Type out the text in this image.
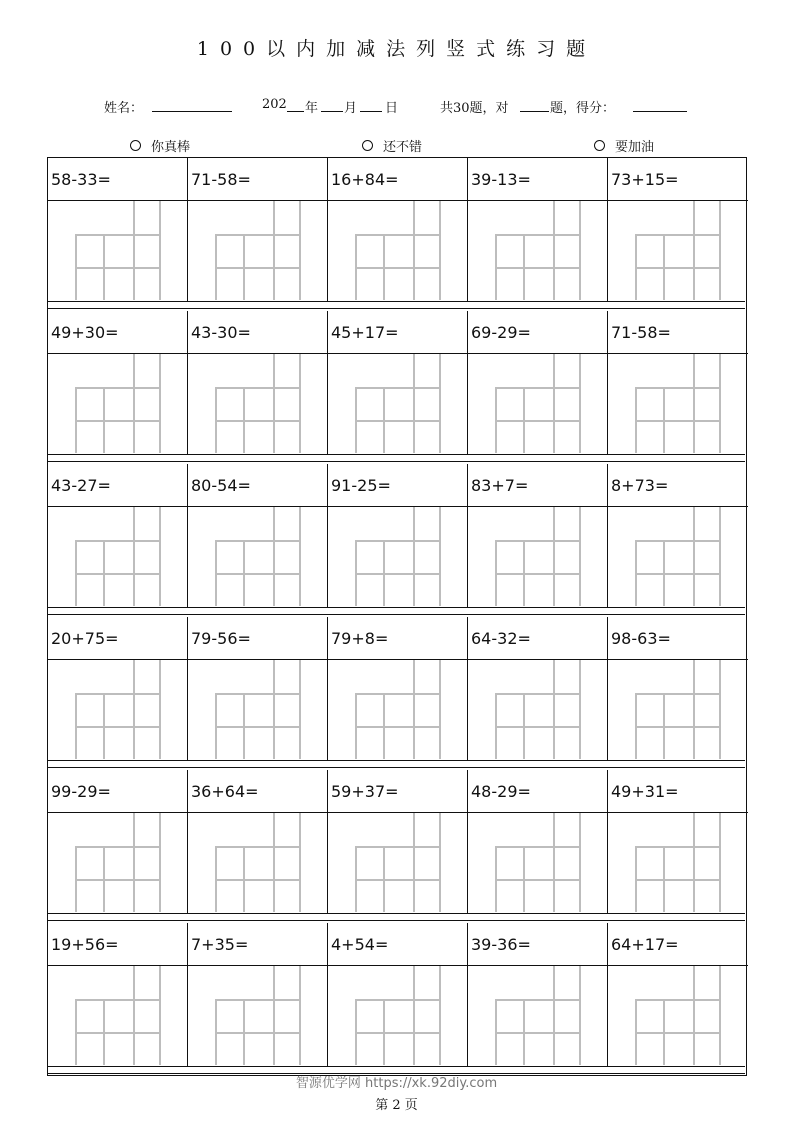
100以内加减法列竖式练习题
姓名：	202 年 月 日	共30题，对	题，得分：
你真棒	还不错	要加油
58-33=	71-58=	16+84=	39-13=	73+15=
49+30=	43-30=	45+17=	69-29=	71-58=
43-27=	80-54=	91-25=	83+7=	8+73=
20+75=	79-56=	79+8=	64-32=	98-63=
99-29=	36+64=	59+37=	48-29=	49+31=
19+56=	7+35=	4+54=	39-36=	64+17=
智源优学网 https://xk.92diy.com
第 2 页
